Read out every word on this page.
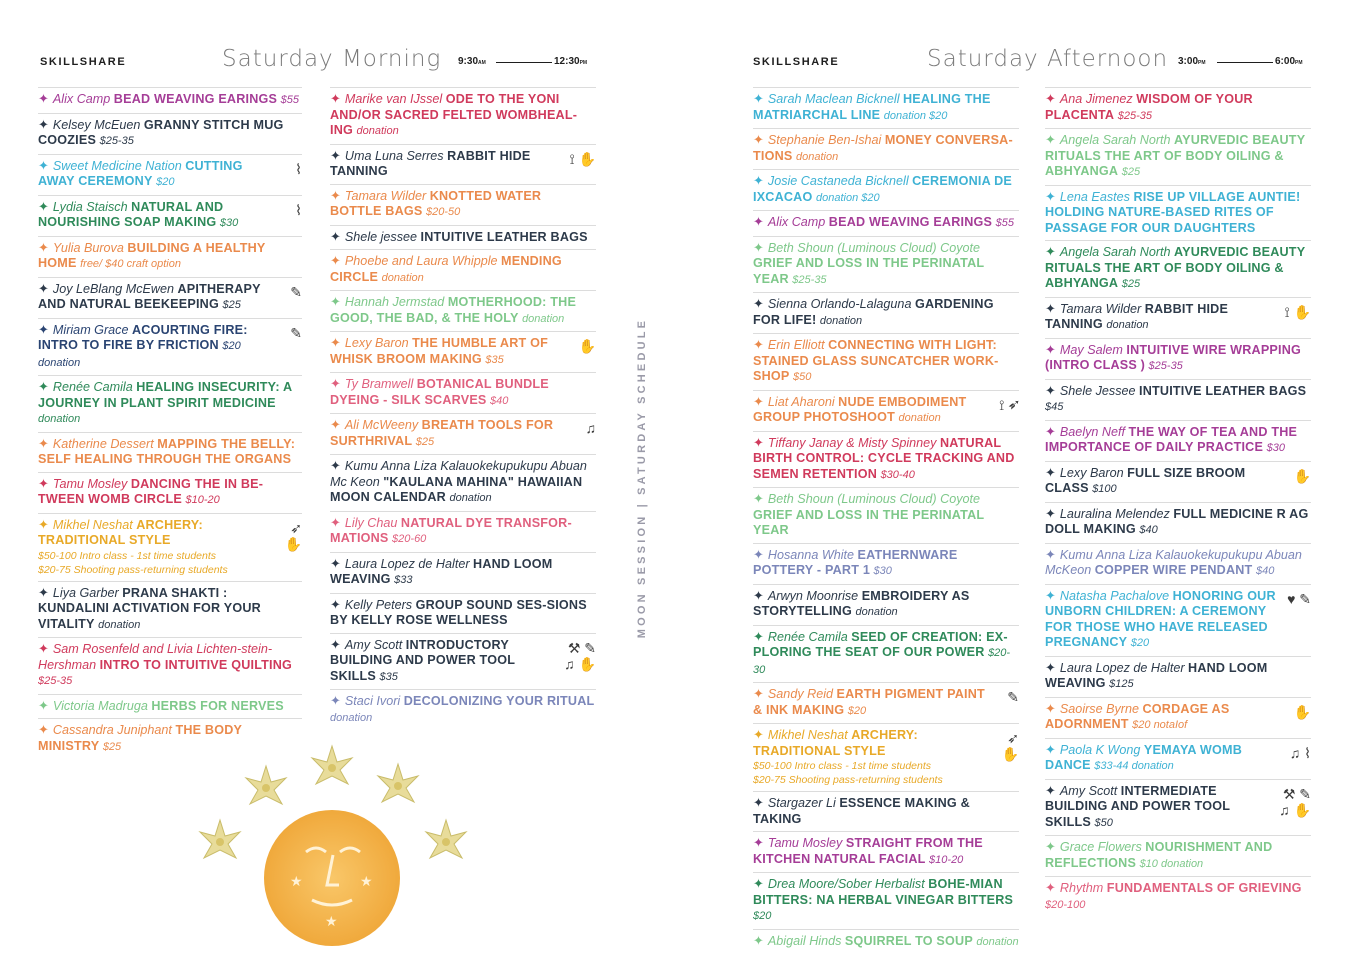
SKILLSHARE	Saturday Morning 9:30AM	12:30PM	SKILLSHARE	Saturday Afternoon 3:00PM	6:00PM
✦ Alix Camp BEAD WEAVING EARINGS $55
✦ Kelsey McEuen GRANNY STITCH MUG COOZIES $25-35
✦ Sweet Medicine Nation CUTTING AWAY CEREMONY $20
⌇
✦ Lydia Staisch NATURAL AND NOURISHING SOAP MAKING $30
⌇
✦ Yulia Burova BUILDING A HEALTHY HOME free/ $40 craft option
✦ Joy LeBlang McEwen APITHERAPY AND NATURAL BEEKEEPING $25
✎
✦ Miriam Grace ACOURTING FIRE: INTRO TO FIRE BY FRICTION $20 donation
✎
✦ Renée Camila HEALING INSECURITY: A JOURNEY IN PLANT SPIRIT MEDICINE donation
✦ Katherine Dessert MAPPING THE BELLY: SELF HEALING THROUGH THE ORGANS
✦ Tamu Mosley DANCING THE IN BE-TWEEN WOMB CIRCLE $10-20
✦ Mikhel Neshat ARCHERY: TRADITIONAL STYLE
$50-100 Intro class - 1st time students
$20-75 Shooting pass-returning students
➶ ✋
✦ Liya Garber PRANA SHAKTI : KUNDALINI ACTIVATION FOR YOUR VITALITY donation
✦ Sam Rosenfeld and Livia Lichten-stein-Hershman INTRO TO INTUITIVE QUILTING $25-35
✦ Victoria Madruga HERBS FOR NERVES
✦ Cassandra Juniphant THE BODY MINISTRY $25
✦ Marike van IJssel ODE TO THE YONI AND/OR SACRED FELTED WOMBHEAL-ING donation
✦ Uma Luna Serres RABBIT HIDE TANNING
⟟ ✋
✦ Tamara Wilder KNOTTED WATER BOTTLE BAGS $20-50
✦ Shele jessee INTUITIVE LEATHER BAGS
✦ Phoebe and Laura Whipple MENDING CIRCLE donation
✦ Hannah Jermstad MOTHERHOOD: THE GOOD, THE BAD, & THE HOLY donation
✦ Lexy Baron THE HUMBLE ART OF WHISK BROOM MAKING $35
✋
✦ Ty Bramwell BOTANICAL BUNDLE DYEING - SILK SCARVES $40
✦ Ali McWeeny BREATH TOOLS FOR SURTHRIVAL $25
♫
✦ Kumu Anna Liza Kalauokekupukupu Abuan Mc Keon "KAULANA MAHINA" HAWAIIAN MOON CALENDAR donation
✦ Lily Chau NATURAL DYE TRANSFOR-MATIONS $20-60
✦ Laura Lopez de Halter HAND LOOM WEAVING $33
✦ Kelly Peters GROUP SOUND SES-SIONS BY KELLY ROSE WELLNESS
✦ Amy Scott INTRODUCTORY BUILDING AND POWER TOOL SKILLS $35
⚒ ✎ ♫ ✋
✦ Staci Ivori DECOLONIZING YOUR RITUAL donation
✦ Sarah Maclean Bicknell HEALING THE MATRIARCHAL LINE donation $20
✦ Stephanie Ben-Ishai MONEY CONVERSA-TIONS donation
✦ Josie Castaneda Bicknell CEREMONIA DE IXCACAO donation $20
✦ Alix Camp BEAD WEAVING EARINGS $55
✦ Beth Shoun (Luminous Cloud) Coyote GRIEF AND LOSS IN THE PERINATAL YEAR $25-35
✦ Sienna Orlando-Lalaguna GARDENING FOR LIFE! donation
✦ Erin Elliott CONNECTING WITH LIGHT: STAINED GLASS SUNCATCHER WORK-SHOP $50
✦ Liat Aharoni NUDE EMBODIMENT GROUP PHOTOSHOOT donation
⟟ ➶
✦ Tiffany Janay & Misty Spinney NATURAL BIRTH CONTROL: CYCLE TRACKING AND SEMEN RETENTION $30-40
✦ Beth Shoun (Luminous Cloud) Coyote GRIEF AND LOSS IN THE PERINATAL YEAR
✦ Hosanna White EATHERNWARE POTTERY - PART 1 $30
✦ Arwyn Moonrise EMBROIDERY AS STORYTELLING donation
✦ Renée Camila SEED OF CREATION: EX-PLORING THE SEAT OF OUR POWER $20-30
✦ Sandy Reid EARTH PIGMENT PAINT & INK MAKING $20
✎
✦ Mikhel Neshat ARCHERY: TRADITIONAL STYLE
$50-100 Intro class - 1st time students
$20-75 Shooting pass-returning students
➶ ✋
✦ Stargazer Li ESSENCE MAKING & TAKING
✦ Tamu Mosley STRAIGHT FROM THE KITCHEN NATURAL FACIAL $10-20
✦ Drea Moore/Sober Herbalist BOHE-MIAN BITTERS: NA HERBAL VINEGAR BITTERS $20
✦ Abigail Hinds SQUIRREL TO SOUP donation
✦ Ana Jimenez WISDOM OF YOUR PLACENTA $25-35
✦ Angela Sarah North AYURVEDIC BEAUTY RITUALS THE ART OF BODY OILING & ABHYANGA $25
✦ Lena Eastes RISE UP VILLAGE AUNTIE! HOLDING NATURE-BASED RITES OF PASSAGE FOR OUR DAUGHTERS
✦ Angela Sarah North AYURVEDIC BEAUTY RITUALS THE ART OF BODY OILING & ABHYANGA $25
✦ Tamara Wilder RABBIT HIDE TANNING donation
⟟ ✋
✦ May Salem INTUITIVE WIRE WRAPPING (INTRO CLASS ) $25-35
✦ Shele Jessee INTUITIVE LEATHER BAGS $45
✦ Baelyn Neff THE WAY OF TEA AND THE IMPORTANCE OF DAILY PRACTICE $30
✦ Lexy Baron FULL SIZE BROOM CLASS $100
✋
✦ Lauralina Melendez FULL MEDICINE R AG DOLL MAKING $40
✦ Kumu Anna Liza Kalauokekupukupu Abuan McKeon COPPER WIRE PENDANT $40
✦ Natasha Pachalove HONORING OUR UNBORN CHILDREN: A CEREMONY FOR THOSE WHO HAVE RELEASED PREGNANCY $20
♥ ✎
✦ Laura Lopez de Halter HAND LOOM WEAVING $125
✦ Saoirse Byrne CORDAGE AS ADORNMENT $20 notaIof
✋
✦ Paola K Wong YEMAYA WOMB DANCE $33-44 donation
♫ ⌇
✦ Amy Scott INTERMEDIATE BUILDING AND POWER TOOL SKILLS $50
⚒ ✎ ♫ ✋
✦ Grace Flowers NOURISHMENT AND REFLECTIONS $10 donation
✦ Rhythm FUNDAMENTALS OF GRIEVING $20-100
MOON SESSION | SATURDAY SCHEDULE
★	★
★
